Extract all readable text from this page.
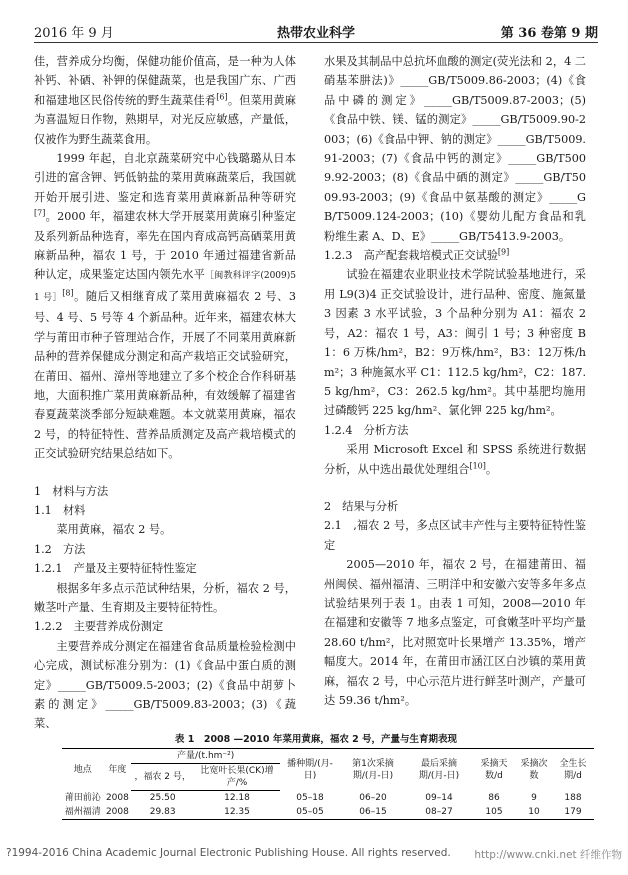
2016 年 9 月	热带农业科学	第 36 卷第 9 期

佳，营养成分均衡，保健功能价值高，是一种为人体补钙、补硒、补钾的保健蔬菜，也是我国广东、广西和福建地区民俗传统的野生蔬菜佳肴[6]。但菜用黄麻为喜温短日作物，熟期早，对光反应敏感，产量低，仅被作为野生蔬菜食用。

1999 年起，自北京蔬菜研究中心钱璐璐从日本引进的富含钾、钙低钠盐的菜用黄麻蔬菜后，我国就开始开展引进、鉴定和选育菜用黄麻新品种等研究[7]。2000 年，福建农林大学开展菜用黄麻引种鉴定及系列新品种选育，率先在国内育成高钙高硒菜用黄麻新品种，福农 1 号，于 2010 年通过福建省新品种认定，成果鉴定达国内领先水平［闽教科评字(2009)51 号］[8]。随后又相继育成了菜用黄麻福农 2 号、3 号、4 号、5 号等 4 个新品种。近年来，福建农林大学与莆田市种子管理站合作，开展了不同菜用黄麻新品种的营养保健成分测定和高产栽培正交试验研究，在莆田、福州、漳州等地建立了多个校企合作科研基地，大面积推广菜用黄麻新品种，有效缓解了福建省春夏蔬菜淡季部分短缺难题。本文就菜用黄麻，福农 2 号，的特征特性、营养品质测定及高产栽培模式的正交试验研究结果总结如下。

1　材料与方法

1.1　材料

菜用黄麻，福农 2 号。

1.2　方法

1.2.1　产量及主要特征特性鉴定

根据多年多点示范试种结果，分析，福农 2 号，嫩茎叶产量、生育期及主要特征特性。

1.2.2　主要营养成份测定

主要营养成分测定在福建省食品质量检验检测中心完成，测试标准分别为：(1)《食品中蛋白质的测定》_____GB/T5009.5-2003；(2)《食品中胡萝卜素的测定》_____GB/T5009.83-2003；(3)《蔬菜、

水果及其制品中总抗坏血酸的测定(荧光法和 2，4 二硝基苯肼法)》_____GB/T5009.86-2003；(4)《食品中磷的测定》_____GB/T5009.87-2003；(5)《食品中铁、镁、锰的测定》_____GB/T5009.90-2003；(6)《食品中钾、钠的测定》_____GB/T5009.91-2003；(7)《食品中钙的测定》_____GB/T5009.92-2003；(8)《食品中硒的测定》_____GB/T5009.93-2003；(9)《食品中氨基酸的测定》_____GB/T5009.124-2003；(10)《婴幼儿配方食品和乳粉维生素 A、D、E》_____GB/T5413.9-2003。

1.2.3　高产配套栽培模式正交试验[9]

试验在福建农业职业技术学院试验基地进行，采用 L9(3)4 正交试验设计，进行品种、密度、施氮量 3 因素 3 水平试验，3 个品种分别为 A1：福农 2 号，A2：福农 1 号，A3：闽引 1 号；3 种密度 B1：6 万株/hm²，B2：9万株/hm²，B3：12万株/hm²；3 种施氮水平 C1：112.5 kg/hm²，C2：187.5 kg/hm²，C3：262.5 kg/hm²。其中基肥均施用过磷酸钙 225 kg/hm²、氯化钾 225 kg/hm²。

1.2.4　分析方法

采用 Microsoft Excel 和 SPSS 系统进行数据分析，从中选出最优处理组合[10]。

2　结果与分析

2.1　,福农 2 号，多点区试丰产性与主要特征特性鉴定

2005—2010 年，福农 2 号，在福建莆田、福州闽侯、福州福清、三明洋中和安徽六安等多年多点试验结果列于表 1。由表 1 可知，2008—2010 年在福建和安徽等 7 地多点鉴定，可食嫩茎叶平均产量 28.60 t/hm²，比对照宽叶长果增产 13.35%，增产幅度大。2014 年，在莆田市涵江区白沙镇的菜用黄麻，福农 2 号，中心示范片进行鲜茎叶测产，产量可达 59.36 t/hm²。

表 1　2008 —2010 年菜用黄麻，福农 2 号，产量与生育期表现
地点	年度	产量/(t.hm⁻²)		播种期/(月-日)	第1次采摘期/(月-日)	最后采摘期/(月-日)	采摘天数/d	采摘次数	全生长期/d
		，福农 2 号，	比宽叶长果(CK)增产/%						
莆田前沁	2008	25.50	12.18	05–18	06–20	09–14	86	9	188
福州福清	2008	29.83	12.35	05–05	06–15	08–27	105	10	179
?1994-2016 China Academic Journal Electronic Publishing House. All rights reserved. http://www.cnki.net 纤维作物
